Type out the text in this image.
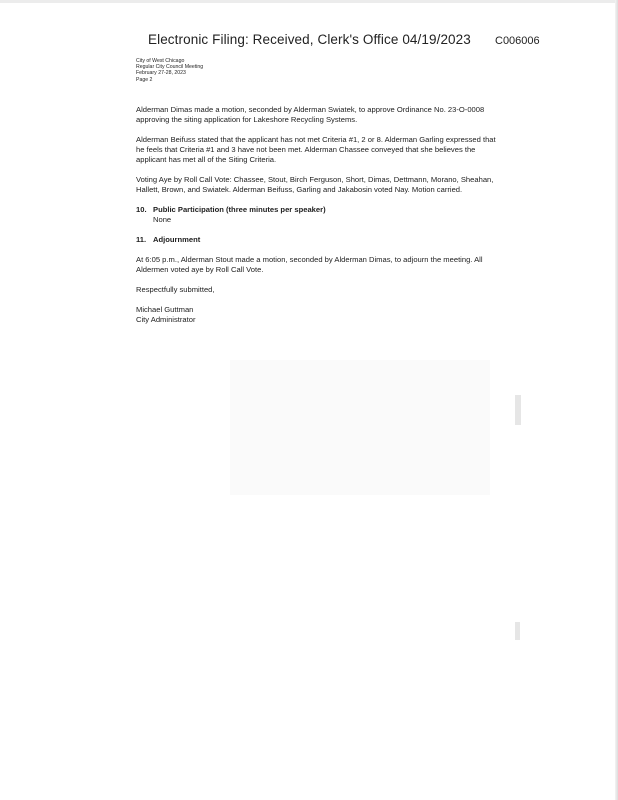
Electronic Filing: Received, Clerk's Office 04/19/2023 C006006
City of West Chicago
Regular City Council Meeting
February 27-28, 2023
Page 2

Alderman Dimas made a motion, seconded by Alderman Swiatek, to approve Ordinance No. 23-O-0008 approving the siting application for Lakeshore Recycling Systems.

Alderman Beifuss stated that the applicant has not met Criteria #1, 2 or 8. Alderman Garling expressed that he feels that Criteria #1 and 3 have not been met. Alderman Chassee conveyed that she believes the applicant has met all of the Siting Criteria.

Voting Aye by Roll Call Vote: Chassee, Stout, Birch Ferguson, Short, Dimas, Dettmann, Morano, Sheahan, Hallett, Brown, and Swiatek. Alderman Beifuss, Garling and Jakabosin voted Nay. Motion carried.

10. Public Participation (three minutes per speaker)

None

11. Adjournment

At 6:05 p.m., Alderman Stout made a motion, seconded by Alderman Dimas, to adjourn the meeting. All Aldermen voted aye by Roll Call Vote.

Respectfully submitted,

Michael Guttman

City Administrator
